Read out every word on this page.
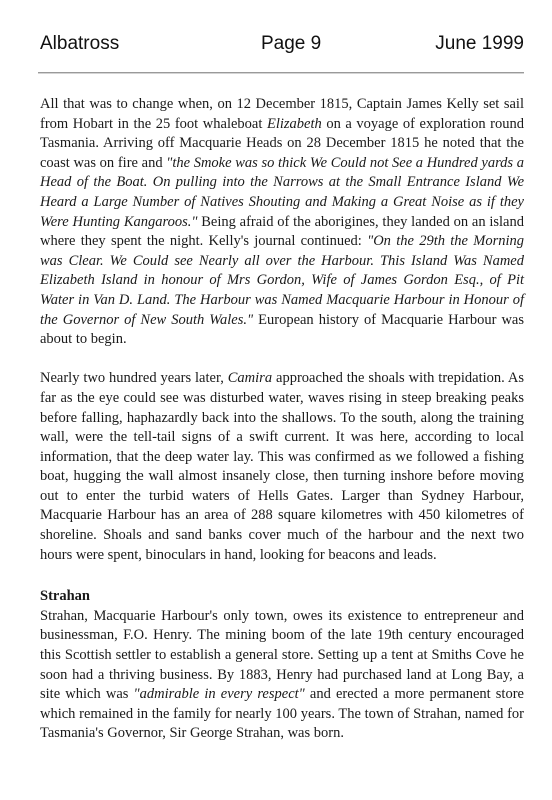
Albatross	Page 9	June 1999

All that was to change when, on 12 December 1815, Captain James Kelly set sail from Hobart in the 25 foot whaleboat Elizabeth on a voyage of exploration round Tasmania. Arriving off Macquarie Heads on 28 December 1815 he noted that the coast was on fire and "the Smoke was so thick We Could not See a Hundred yards a Head of the Boat. On pulling into the Narrows at the Small Entrance Island We Heard a Large Number of Natives Shouting and Making a Great Noise as if they Were Hunting Kangaroos." Being afraid of the aborigines, they landed on an island where they spent the night. Kelly's journal continued: "On the 29th the Morning was Clear. We Could see Nearly all over the Harbour. This Island Was Named Elizabeth Island in honour of Mrs Gordon, Wife of James Gordon Esq., of Pit Water in Van D. Land. The Harbour was Named Macquarie Harbour in Honour of the Governor of New South Wales." European history of Macquarie Harbour was about to begin.

Nearly two hundred years later, Camira approached the shoals with trepidation. As far as the eye could see was disturbed water, waves rising in steep breaking peaks before falling, haphazardly back into the shallows. To the south, along the training wall, were the tell-tail signs of a swift current. It was here, according to local information, that the deep water lay. This was confirmed as we followed a fishing boat, hugging the wall almost insanely close, then turning inshore before moving out to enter the turbid waters of Hells Gates. Larger than Sydney Harbour, Macquarie Harbour has an area of 288 square kilometres with 450 kilometres of shoreline. Shoals and sand banks cover much of the harbour and the next two hours were spent, binoculars in hand, looking for beacons and leads.

Strahan

Strahan, Macquarie Harbour's only town, owes its existence to entrepreneur and businessman, F.O. Henry. The mining boom of the late 19th century encouraged this Scottish settler to establish a general store. Setting up a tent at Smiths Cove he soon had a thriving business. By 1883, Henry had purchased land at Long Bay, a site which was "admirable in every respect" and erected a more permanent store which remained in the family for nearly 100 years. The town of Strahan, named for Tasmania's Governor, Sir George Strahan, was born.
